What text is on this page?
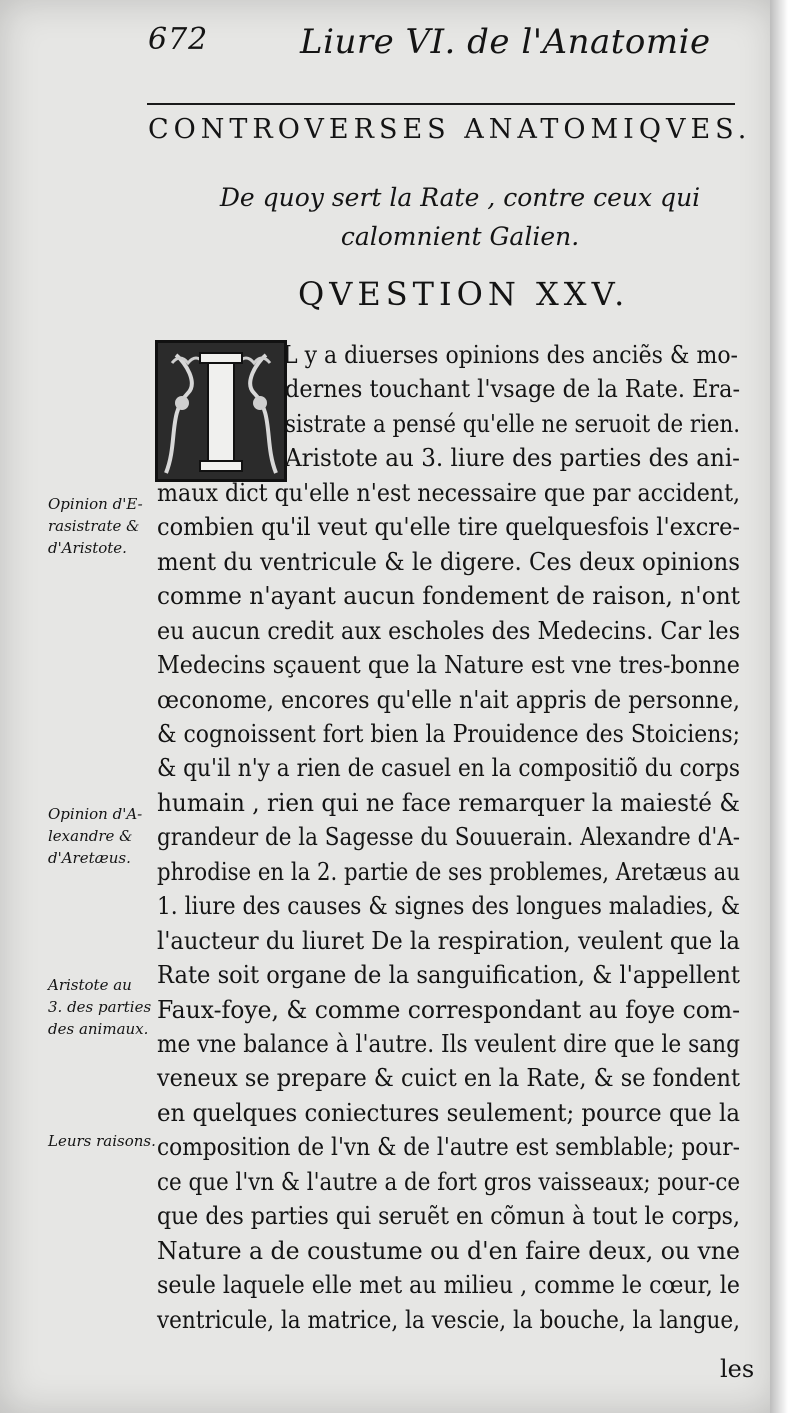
672	Liure VI. de l'Anatomie
CONTROVERSES ANATOMIQVES.
De quoy sert la Rate , contre ceux qui
calomnient Galien.
QVESTION XXV.
L y a diuerses opinions des anciẽs & mo-
dernes touchant l'vsage de la Rate. Era-
sistrate a pensé qu'elle ne seruoit de rien.
Aristote au 3. liure des parties des ani-
maux dict qu'elle n'est necessaire que par accident,
combien qu'il veut qu'elle tire quelquesfois l'excre-
ment du ventricule & le digere. Ces deux opinions
comme n'ayant aucun fondement de raison, n'ont
eu aucun credit aux escholes des Medecins. Car les
Medecins sçauent que la Nature est vne tres-bonne
œconome, encores qu'elle n'ait appris de personne,
& cognoissent fort bien la Prouidence des Stoiciens;
& qu'il n'y a rien de casuel en la compositiõ du corps
humain , rien qui ne face remarquer la maiesté &
grandeur de la Sagesse du Souuerain. Alexandre d'A-
phrodise en la 2. partie de ses problemes, Aretæus au
1. liure des causes & signes des longues maladies, &
l'aucteur du liuret De la respiration, veulent que la
Rate soit organe de la sanguification, & l'appellent
Faux-foye, & comme correspondant au foye com-
me vne balance à l'autre. Ils veulent dire que le sang
veneux se prepare & cuict en la Rate, & se fondent
en quelques coniectures seulement; pource que la
composition de l'vn & de l'autre est semblable; pour-
ce que l'vn & l'autre a de fort gros vaisseaux; pour-ce
que des parties qui seruẽt en cõmun à tout le corps,
Nature a de coustume ou d'en faire deux, ou vne
seule laquele elle met au milieu , comme le cœur, le
ventricule, la matrice, la vescie, la bouche, la langue,
Opinion d'E-
rasistrate &
d'Aristote.
Opinion d'A-
lexandre &
d'Aretæus.
Aristote au
3. des parties
des animaux.
Leurs raisons.
les
